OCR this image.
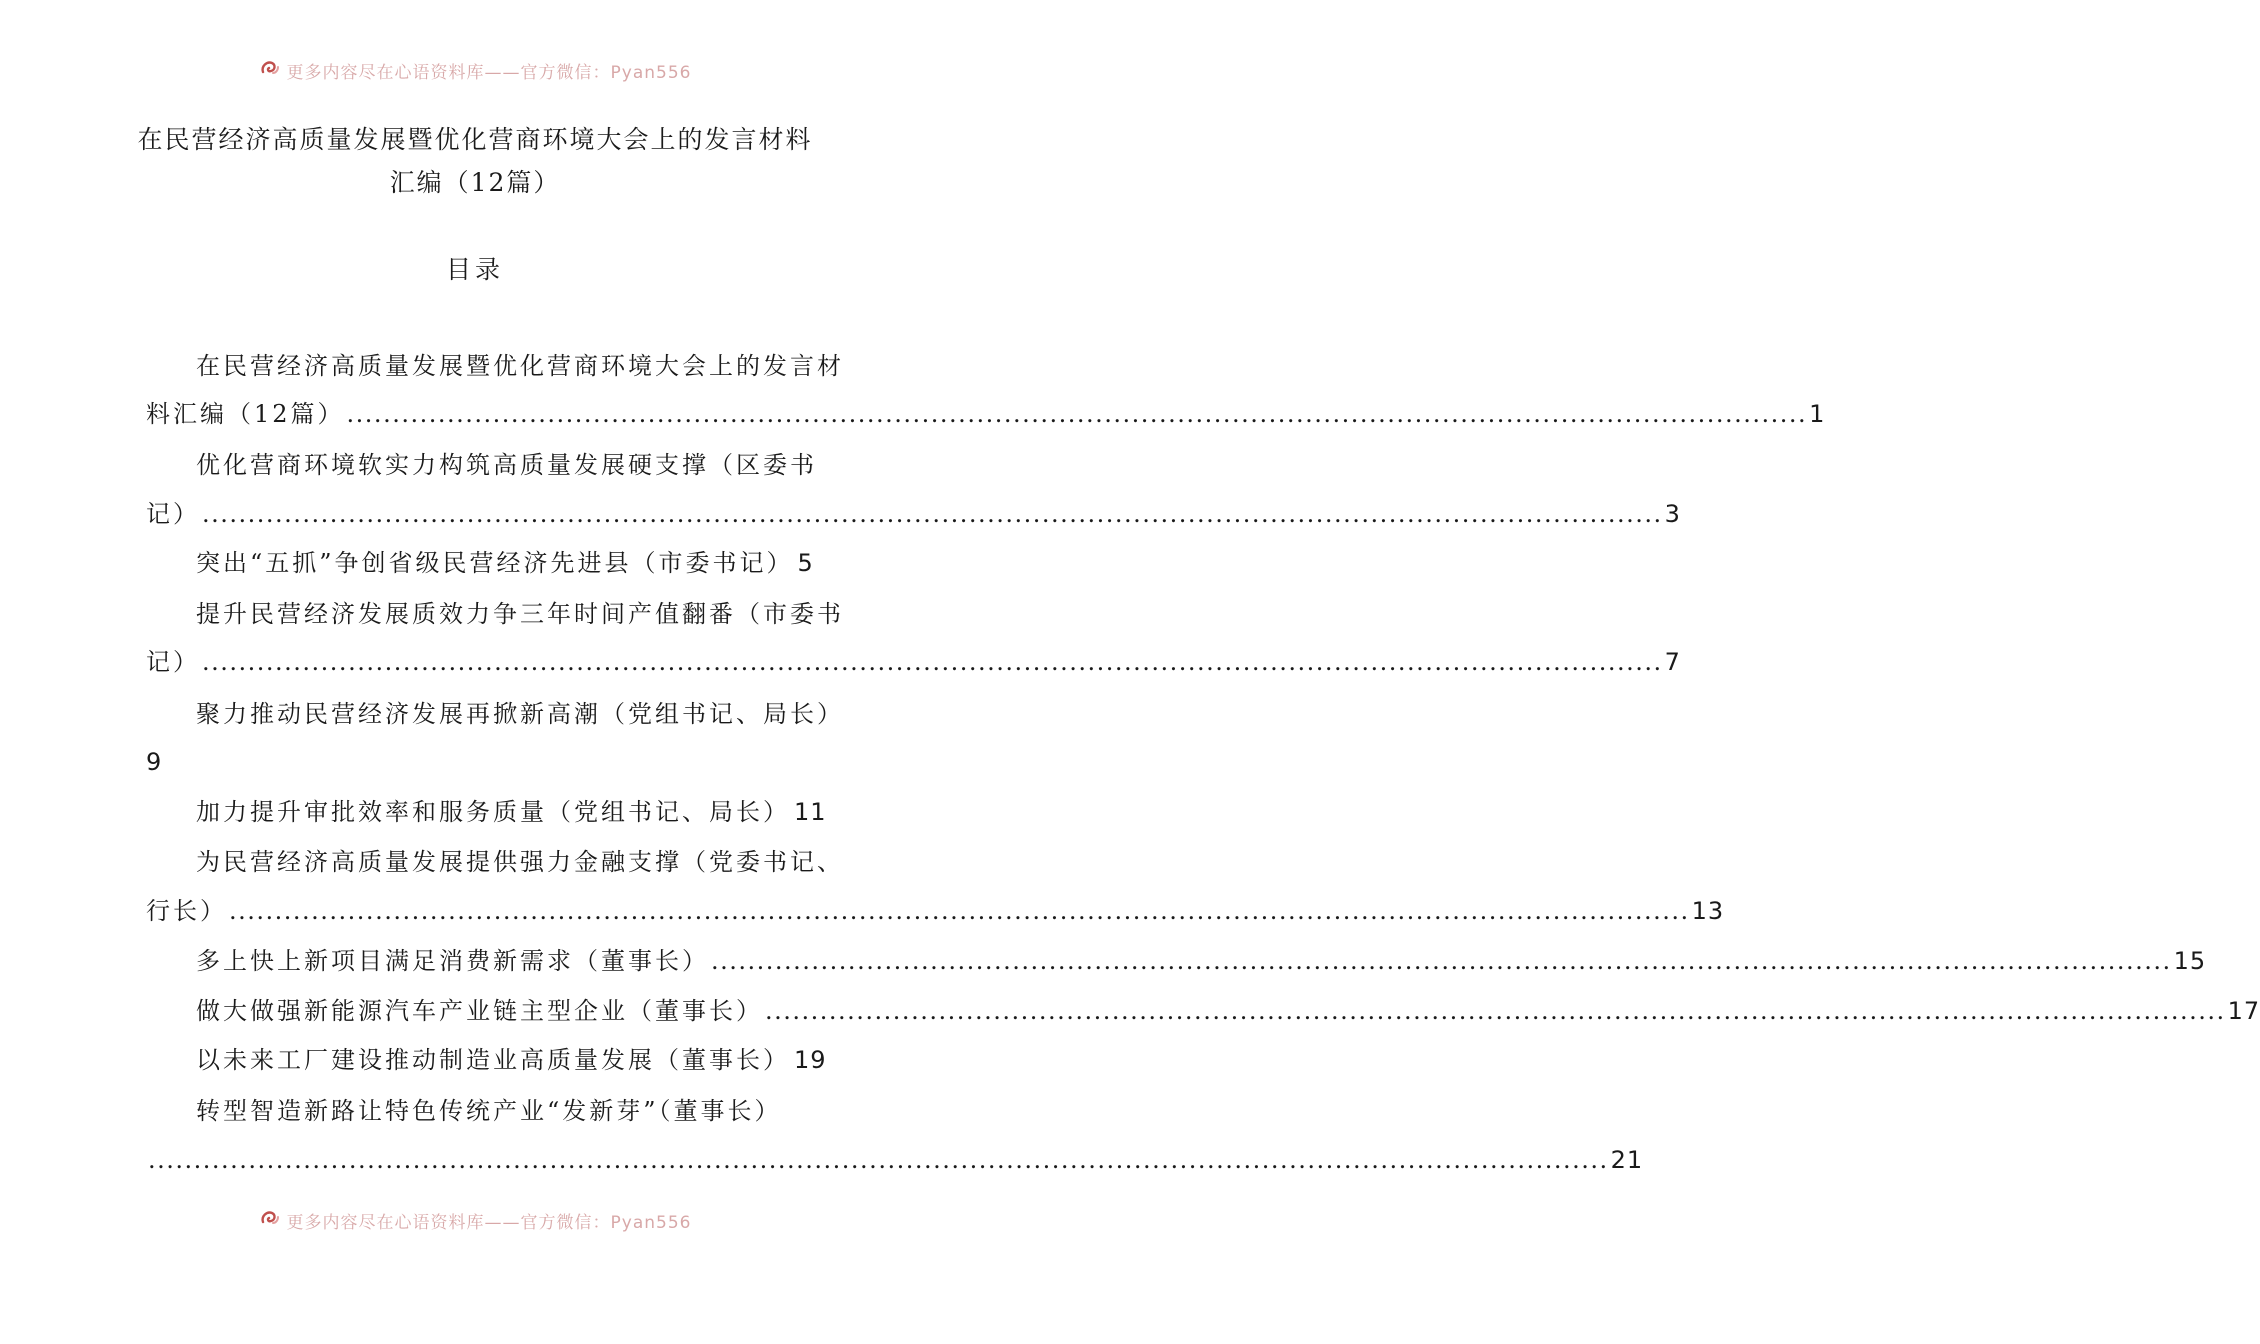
更多内容尽在心语资料库——官方微信：Pyan556
在民营经济高质量发展暨优化营商环境大会上的发言材料
汇编（12篇）
目录
在民营经济高质量发展暨优化营商环境大会上的发言材
料汇编（12篇） ................................................................................................................................................................ 1
优化营商环境软实力构筑高质量发展硬支撑（区委书
记） ................................................................................................................................................................ 3
突出“五抓”争创省级民营经济先进县（市委书记） 5
提升民营经济发展质效力争三年时间产值翻番（市委书
记） ................................................................................................................................................................ 7
聚力推动民营经济发展再掀新高潮（党组书记、局长）
9
加力提升审批效率和服务质量（党组书记、局长） 11
为民营经济高质量发展提供强力金融支撑（党委书记、
行长） ................................................................................................................................................................ 13
多上快上新项目满足消费新需求（董事长） ................................................................................................................................................................ 15
做大做强新能源汽车产业链主型企业（董事长） ................................................................................................................................................................ 17
以未来工厂建设推动制造业高质量发展（董事长） 19
转型智造新路让特色传统产业“发新芽”（董事长）
................................................................................................................................................................ 21
更多内容尽在心语资料库——官方微信：Pyan556
